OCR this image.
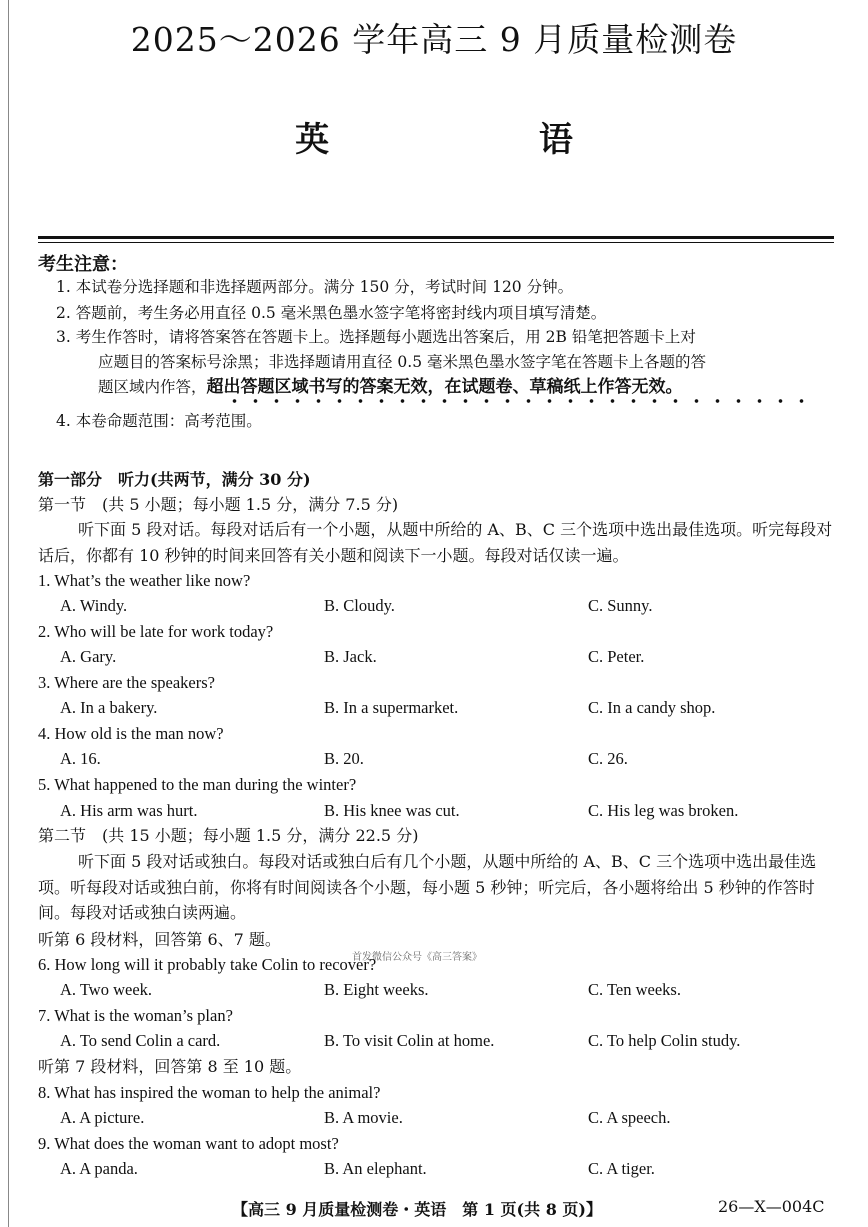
2025～2026 学年高三 9 月质量检测卷
英 语
考生注意：
1. 本试卷分选择题和非选择题两部分。满分 150 分，考试时间 120 分钟。
2. 答题前，考生务必用直径 0.5 毫米黑色墨水签字笔将密封线内项目填写清楚。
3. 考生作答时，请将答案答在答题卡上。选择题每小题选出答案后，用 2B 铅笔把答题卡上对
应题目的答案标号涂黑；非选择题请用直径 0.5 毫米黑色墨水签字笔在答题卡上各题的答
题区域内作答，超出答题区域书写的答案无效，在试题卷、草稿纸上作答无效。
4. 本卷命题范围：高考范围。
第一部分　听力(共两节，满分 30 分)
第一节　(共 5 小题；每小题 1.5 分，满分 7.5 分)
听下面 5 段对话。每段对话后有一个小题，从题中所给的 A、B、C 三个选项中选出最佳选项。听完每段对话后，你都有 10 秒钟的时间来回答有关小题和阅读下一小题。每段对话仅读一遍。
1. What’s the weather like now?
A. Windy.	B. Cloudy.	C. Sunny.
2. Who will be late for work today?
A. Gary.	B. Jack.	C. Peter.
3. Where are the speakers?
A. In a bakery.	B. In a supermarket.	C. In a candy shop.
4. How old is the man now?
A. 16.	B. 20.	C. 26.
5. What happened to the man during the winter?
A. His arm was hurt.	B. His knee was cut.	C. His leg was broken.
第二节　(共 15 小题；每小题 1.5 分，满分 22.5 分)
听下面 5 段对话或独白。每段对话或独白后有几个小题，从题中所给的 A、B、C 三个选项中选出最佳选项。听每段对话或独白前，你将有时间阅读各个小题，每小题 5 秒钟；听完后，各小题将给出 5 秒钟的作答时间。每段对话或独白读两遍。
听第 6 段材料，回答第 6、7 题。
首发微信公众号《高三答案》
6. How long will it probably take Colin to recover?
A. Two week.	B. Eight weeks.	C. Ten weeks.
7. What is the woman’s plan?
A. To send Colin a card.	B. To visit Colin at home.	C. To help Colin study.
听第 7 段材料，回答第 8 至 10 题。
8. What has inspired the woman to help the animal?
A. A picture.	B. A movie.	C. A speech.
9. What does the woman want to adopt most?
A. A panda.	B. An elephant.	C. A tiger.
【高三 9 月质量检测卷・英语　第 1 页(共 8 页)】	26—X—004C
